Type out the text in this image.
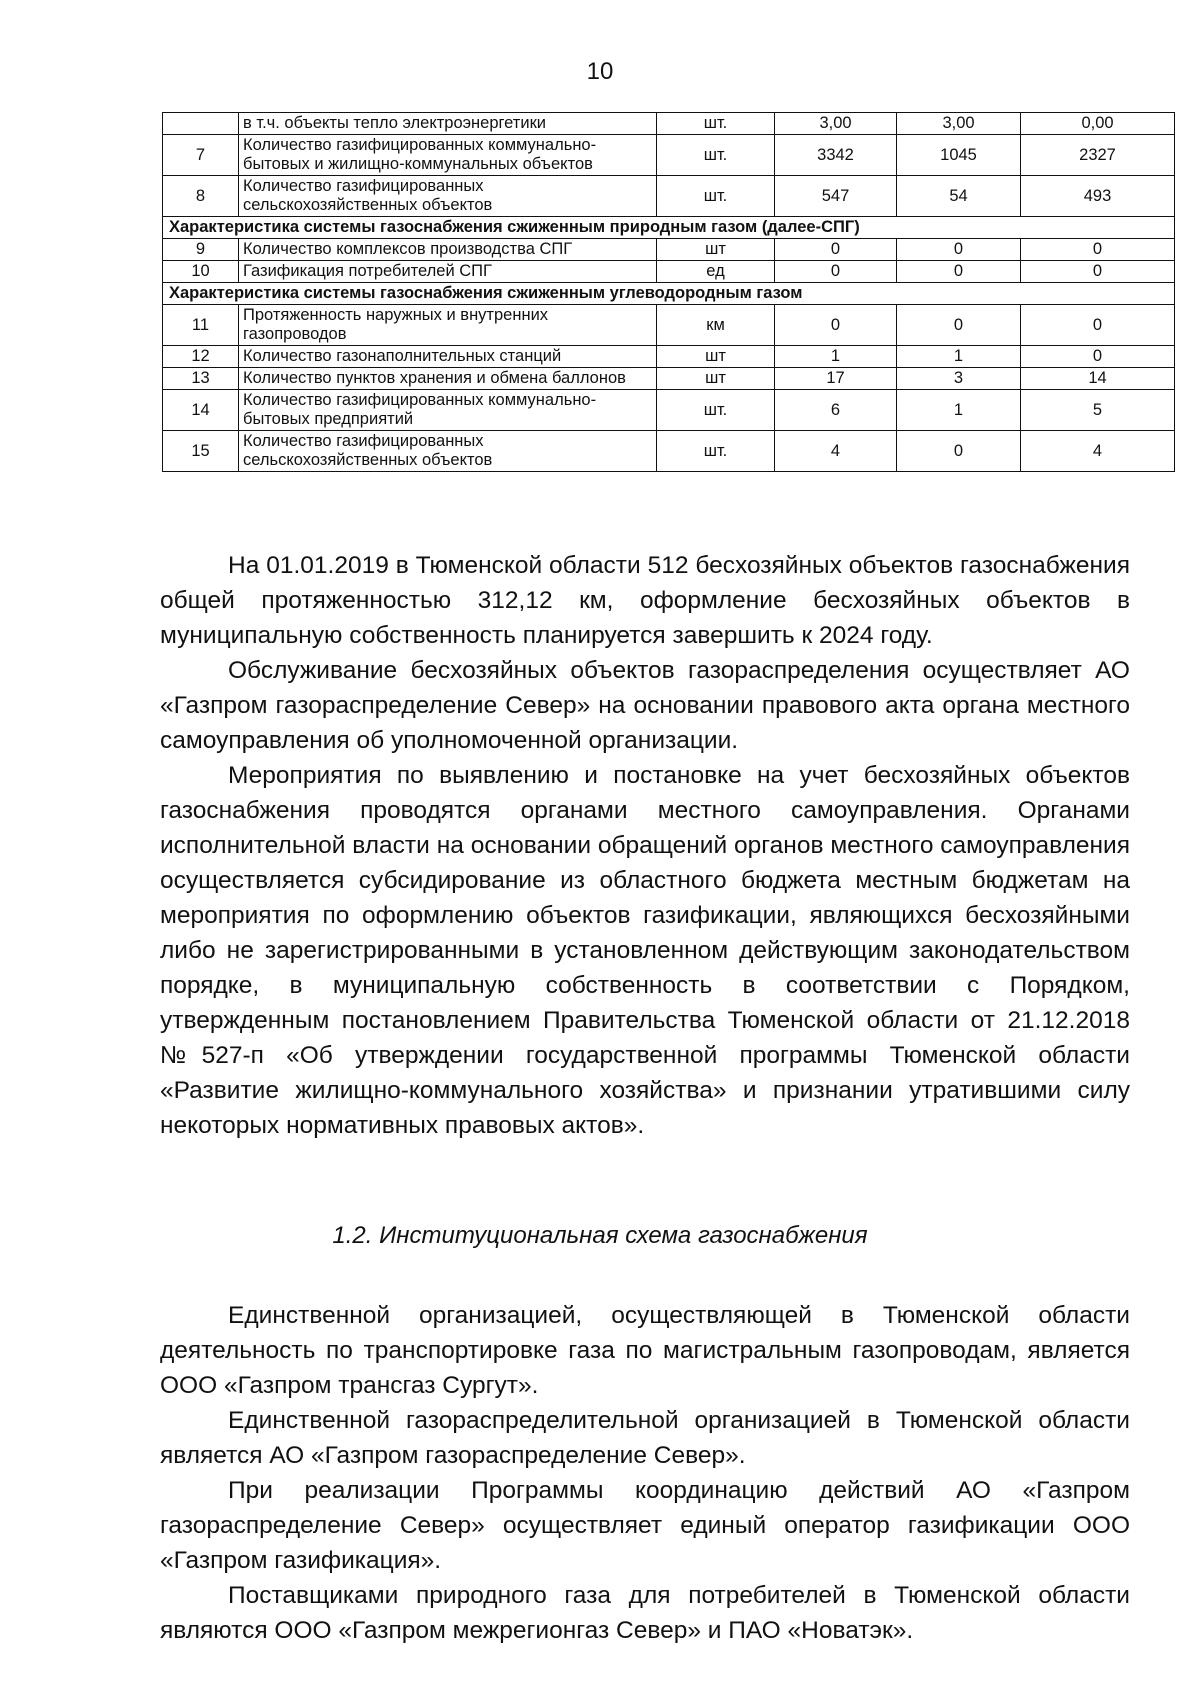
10
	в т.ч. объекты тепло электроэнергетики	шт.	3,00	3,00	0,00
7	Количество газифицированных коммунально-бытовых и жилищно-коммунальных объектов	шт.	3342	1045	2327
8	Количество газифицированных сельскохозяйственных объектов	шт.	547	54	493
Характеристика системы газоснабжения сжиженным природным газом (далее-СПГ)					
9	Количество комплексов производства СПГ	шт	0	0	0
10	Газификация потребителей СПГ	ед	0	0	0
Характеристика системы газоснабжения сжиженным углеводородным газом					
11	Протяженность наружных и внутренних газопроводов	км	0	0	0
12	Количество газонаполнительных станций	шт	1	1	0
13	Количество пунктов хранения и обмена баллонов	шт	17	3	14
14	Количество газифицированных коммунально-бытовых предприятий	шт.	6	1	5
15	Количество газифицированных сельскохозяйственных объектов	шт.	4	0	4

На 01.01.2019 в Тюменской области 512 бесхозяйных объектов газоснабжения общей протяженностью 312,12 км, оформление бесхозяйных объектов в муниципальную собственность планируется завершить к 2024 году.

Обслуживание бесхозяйных объектов газораспределения осуществляет АО «Газпром газораспределение Север» на основании правового акта органа местного самоуправления об уполномоченной организации.

Мероприятия по выявлению и постановке на учет бесхозяйных объектов газоснабжения проводятся органами местного самоуправления. Органами исполнительной власти на основании обращений органов местного самоуправления осуществляется субсидирование из областного бюджета местным бюджетам на мероприятия по оформлению объектов газификации, являющихся бесхозяйными либо не зарегистрированными в установленном действующим законодательством порядке, в муниципальную собственность в соответствии с Порядком, утвержденным постановлением Правительства Тюменской области от 21.12.2018 №527-п «Об утверждении государственной программы Тюменской области «Развитие жилищно-коммунального хозяйства» и признании утратившими силу некоторых нормативных правовых актов».

1.2. Институциональная схема газоснабжения

Единственной организацией, осуществляющей в Тюменской области деятельность по транспортировке газа по магистральным газопроводам, является ООО «Газпром трансгаз Сургут».

Единственной газораспределительной организацией в Тюменской области является АО «Газпром газораспределение Север».

При реализации Программы координацию действий АО «Газпром газораспределение Север» осуществляет единый оператор газификации ООО «Газпром газификация».

Поставщиками природного газа для потребителей в Тюменской области являются ООО «Газпром межрегионгаз Север» и ПАО «Новатэк».
